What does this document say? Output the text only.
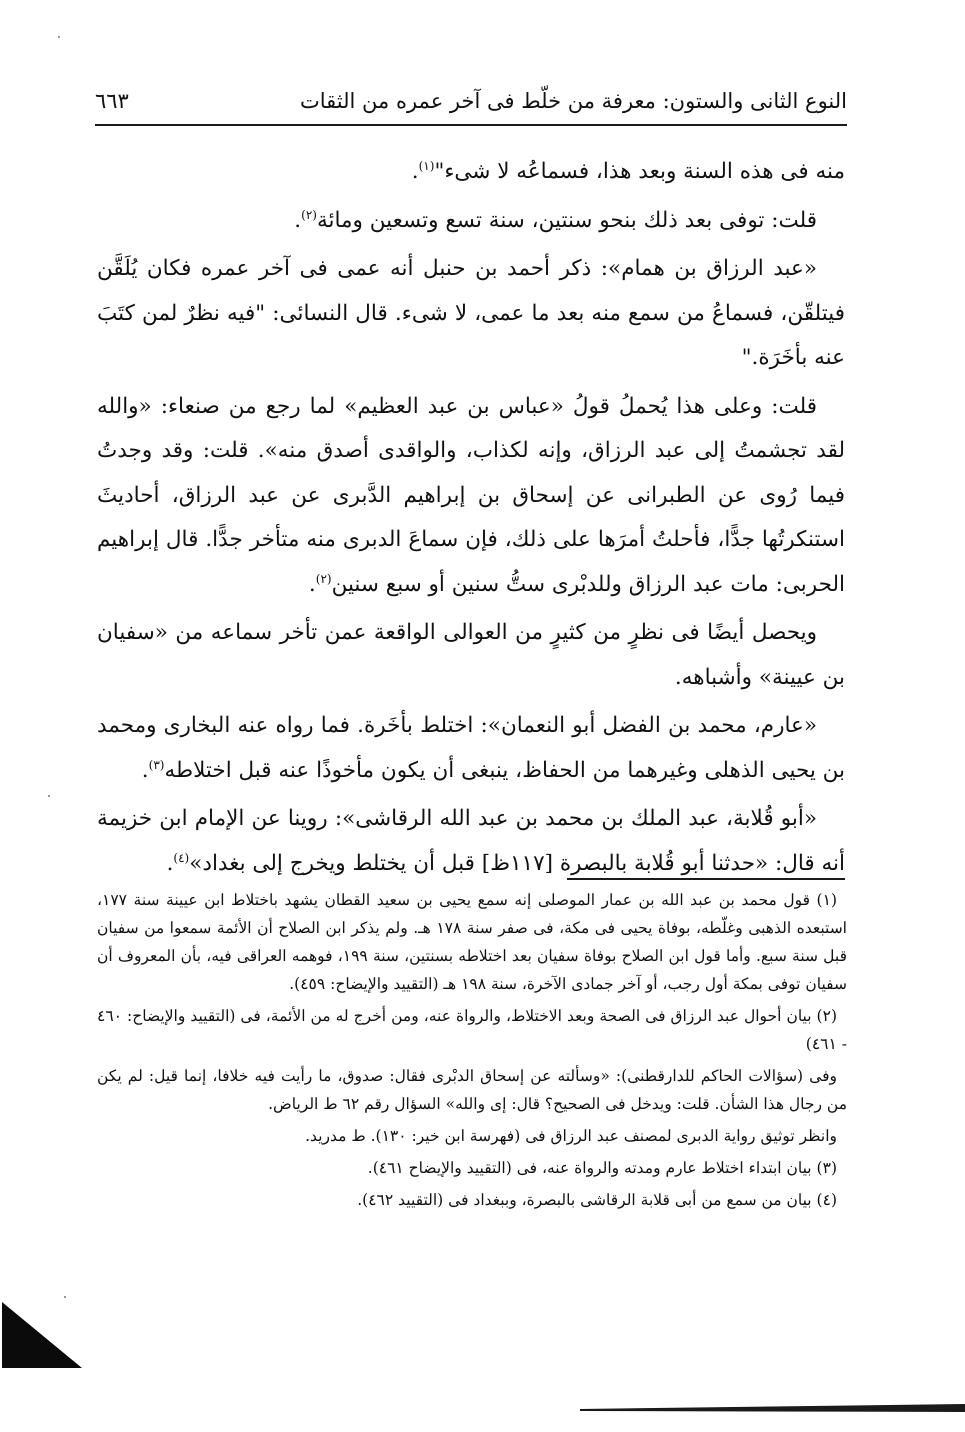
النوع الثانى والستون: معرفة من خلّط فى آخر عمره من الثقات
٦٦٣

منه فى هذه السنة وبعد هذا، فسماعُه لا شىء"$^{(١)}$.

قلت: توفى بعد ذلك بنحو سنتين، سنة تسع وتسعين ومائة$^{(٢)}$.

«عبد الرزاق بن همام»: ذكر أحمد بن حنبل أنه عمى فى آخر عمره فكان يُلَقَّن فيتلقّن، فسماعُ من سمع منه بعد ما عمى، لا شىء. قال النسائى: "فيه نظرٌ لمن كتَبَ عنه بأخَرَة."

قلت: وعلى هذا يُحملُ قولُ «عباس بن عبد العظيم» لما رجع من صنعاء: «والله لقد تجشمتُ إلى عبد الرزاق، وإنه لكذاب، والواقدى أصدق منه». قلت: وقد وجدتُ فيما رُوى عن الطبرانى عن إسحاق بن إبراهيم الدَّبرى عن عبد الرزاق، أحاديثَ استنكرتُها جدًّا، فأحلتُ أمرَها على ذلك، فإن سماعَ الدبرى منه متأخر جدًّا. قال إبراهيم الحربى: مات عبد الرزاق وللدبْرى ستُّ سنين أو سبع سنين$^{(٢)}$.

ويحصل أيضًا فى نظرٍ من كثيرٍ من العوالى الواقعة عمن تأخر سماعه من «سفيان بن عيينة» وأشباهه.

«عارم، محمد بن الفضل أبو النعمان»: اختلط بأخَرة. فما رواه عنه البخارى ومحمد بن يحيى الذهلى وغيرهما من الحفاظ، ينبغى أن يكون مأخوذًا عنه قبل اختلاطه$^{(٣)}$.

«أبو قُلابة، عبد الملك بن محمد بن عبد الله الرقاشى»: روينا عن الإمام ابن خزيمة أنه قال: «حدثنا أبو قُلابة بالبصرة [١١٧ظ] قبل أن يختلط ويخرج إلى بغداد»$^{(٤)}$.

(١) قول محمد بن عبد الله بن عمار الموصلى إنه سمع يحيى بن سعيد القطان يشهد باختلاط ابن عيينة سنة ١٧٧، استبعده الذهبى وغلّطه، بوفاة يحيى فى مكة، فى صفر سنة ١٧٨ هـ. ولم يذكر ابن الصلاح أن الأئمة سمعوا من سفيان قبل سنة سبع. وأما قول ابن الصلاح بوفاة سفيان بعد اختلاطه بسنتين، سنة ١٩٩، فوهمه العراقى فيه، بأن المعروف أن سفيان توفى بمكة أول رجب، أو آخر جمادى الآخرة، سنة ١٩٨ هـ (التقييد والإيضاح: ٤٥٩).

(٢) بيان أحوال عبد الرزاق فى الصحة وبعد الاختلاط، والرواة عنه، ومن أخرج له من الأئمة، فى (التقييد والإيضاح: ٤٦٠ - ٤٦١)

وفى (سؤالات الحاكم للدارقطنى): «وسألته عن إسحاق الدبْرى فقال: صدوق، ما رأيت فيه خلافا، إنما قيل: لم يكن من رجال هذا الشأن. قلت: ويدخل فى الصحيح؟ قال: إى والله» السؤال رقم ٦٢ ط الرياض.

وانظر توثيق رواية الدبرى لمصنف عبد الرزاق فى (فهرسة ابن خير: ١٣٠). ط مدريد.

(٣) بيان ابتداء اختلاط عارم ومدته والرواة عنه، فى (التقييد والإيضاح ٤٦١).

(٤) بيان من سمع من أبى قلابة الرقاشى بالبصرة، وببغداد فى (التقييد ٤٦٢).
